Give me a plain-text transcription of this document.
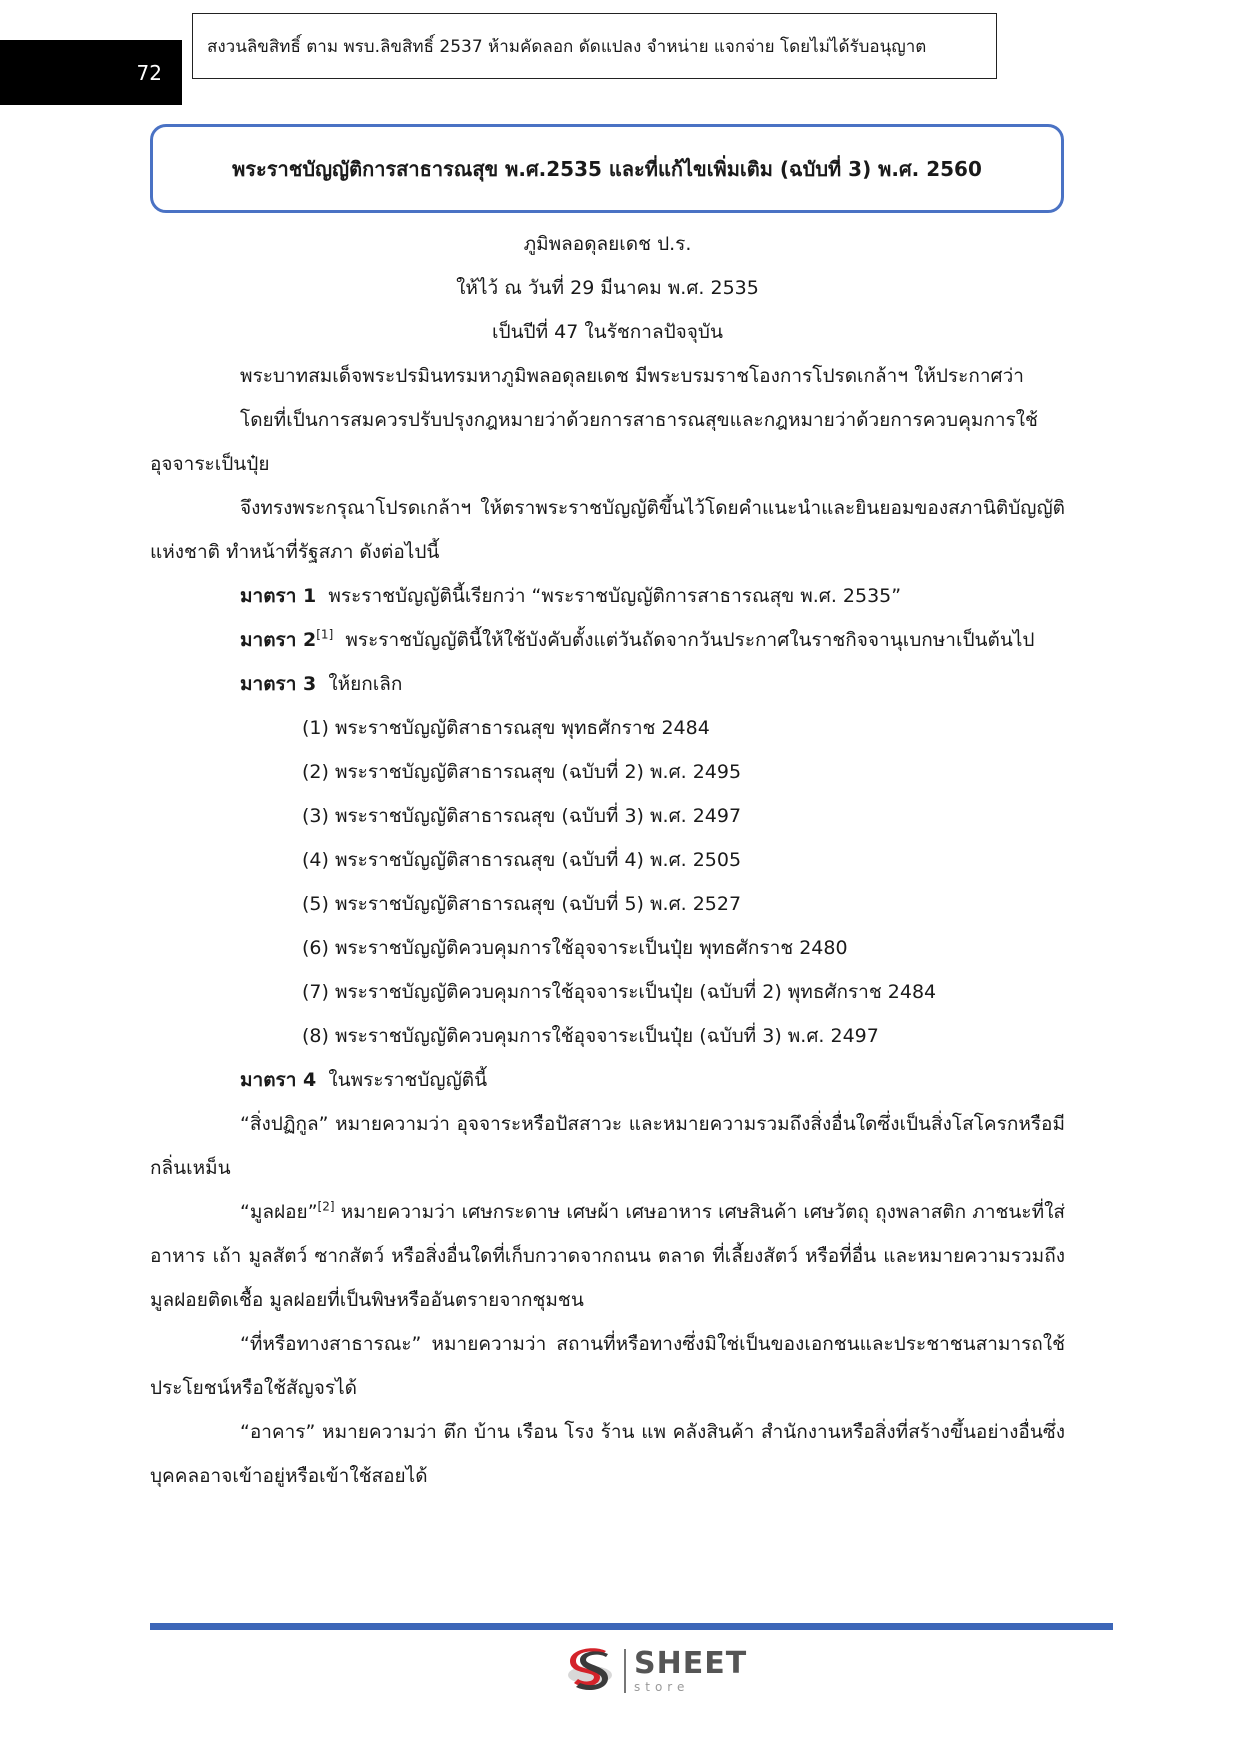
72
สงวนลิขสิทธิ์ ตาม พรบ.ลิขสิทธิ์ 2537 ห้ามคัดลอก ดัดแปลง จำหน่าย แจกจ่าย โดยไม่ได้รับอนุญาต
พระราชบัญญัติการสาธารณสุข พ.ศ.2535 และที่แก้ไขเพิ่มเติม (ฉบับที่ 3) พ.ศ. 2560
ภูมิพลอดุลยเดช ป.ร.
ให้ไว้ ณ วันที่ 29 มีนาคม พ.ศ. 2535
เป็นปีที่ 47 ในรัชกาลปัจจุบัน
พระบาทสมเด็จพระปรมินทรมหาภูมิพลอดุลยเดช มีพระบรมราชโองการโปรดเกล้าฯ ให้ประกาศว่า
โดยที่เป็นการสมควรปรับปรุงกฎหมายว่าด้วยการสาธารณสุขและกฎหมายว่าด้วยการควบคุมการใช้อุจจาระเป็นปุ๋ย
จึงทรงพระกรุณาโปรดเกล้าฯ ให้ตราพระราชบัญญัติขึ้นไว้โดยคำแนะนำและยินยอมของสภานิติบัญญัติแห่งชาติ ทำหน้าที่รัฐสภา ดังต่อไปนี้
มาตรา 1 พระราชบัญญัตินี้เรียกว่า “พระราชบัญญัติการสาธารณสุข พ.ศ. 2535”
มาตรา 2[1] พระราชบัญญัตินี้ให้ใช้บังคับตั้งแต่วันถัดจากวันประกาศในราชกิจจานุเบกษาเป็นต้นไป
มาตรา 3 ให้ยกเลิก
(1) พระราชบัญญัติสาธารณสุข พุทธศักราช 2484
(2) พระราชบัญญัติสาธารณสุข (ฉบับที่ 2) พ.ศ. 2495
(3) พระราชบัญญัติสาธารณสุข (ฉบับที่ 3) พ.ศ. 2497
(4) พระราชบัญญัติสาธารณสุข (ฉบับที่ 4) พ.ศ. 2505
(5) พระราชบัญญัติสาธารณสุข (ฉบับที่ 5) พ.ศ. 2527
(6) พระราชบัญญัติควบคุมการใช้อุจจาระเป็นปุ๋ย พุทธศักราช 2480
(7) พระราชบัญญัติควบคุมการใช้อุจจาระเป็นปุ๋ย (ฉบับที่ 2) พุทธศักราช 2484
(8) พระราชบัญญัติควบคุมการใช้อุจจาระเป็นปุ๋ย (ฉบับที่ 3) พ.ศ. 2497
มาตรา 4 ในพระราชบัญญัตินี้
“สิ่งปฏิกูล” หมายความว่า อุจจาระหรือปัสสาวะ และหมายความรวมถึงสิ่งอื่นใดซึ่งเป็นสิ่งโสโครกหรือมีกลิ่นเหม็น
“มูลฝอย”[2] หมายความว่า เศษกระดาษ เศษผ้า เศษอาหาร เศษสินค้า เศษวัตถุ ถุงพลาสติก ภาชนะที่ใส่อาหาร เถ้า มูลสัตว์ ซากสัตว์ หรือสิ่งอื่นใดที่เก็บกวาดจากถนน ตลาด ที่เลี้ยงสัตว์ หรือที่อื่น และหมายความรวมถึงมูลฝอยติดเชื้อ มูลฝอยที่เป็นพิษหรืออันตรายจากชุมชน
“ที่หรือทางสาธารณะ” หมายความว่า สถานที่หรือทางซึ่งมิใช่เป็นของเอกชนและประชาชนสามารถใช้ประโยชน์หรือใช้สัญจรได้
“อาคาร” หมายความว่า ตึก บ้าน เรือน โรง ร้าน แพ คลังสินค้า สำนักงานหรือสิ่งที่สร้างขึ้นอย่างอื่นซึ่งบุคคลอาจเข้าอยู่หรือเข้าใช้สอยได้
SHEET
store
